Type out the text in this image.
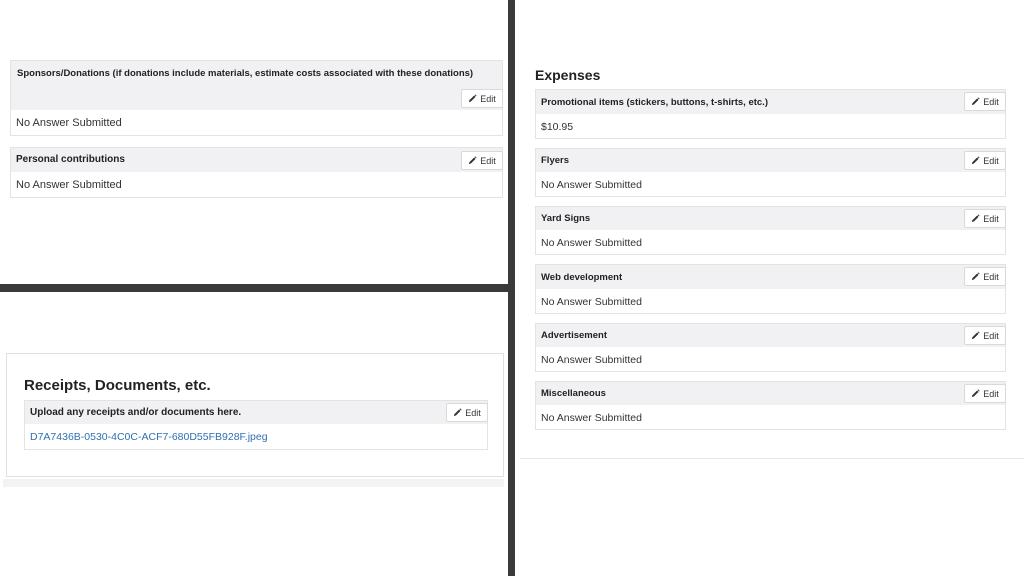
Sponsors/Donations (if donations include materials, estimate costs associated with these donations)
Edit
No Answer Submitted
Personal contributions	Edit
No Answer Submitted
Receipts, Documents, etc.
Upload any receipts and/or documents here.	Edit
D7A7436B-0530-4C0C-ACF7-680D55FB928F.jpeg
Expenses
Promotional items (stickers, buttons, t-shirts, etc.)	Edit
$10.95
Flyers	Edit
No Answer Submitted
Yard Signs	Edit
No Answer Submitted
Web development	Edit
No Answer Submitted
Advertisement	Edit
No Answer Submitted
Miscellaneous	Edit
No Answer Submitted
